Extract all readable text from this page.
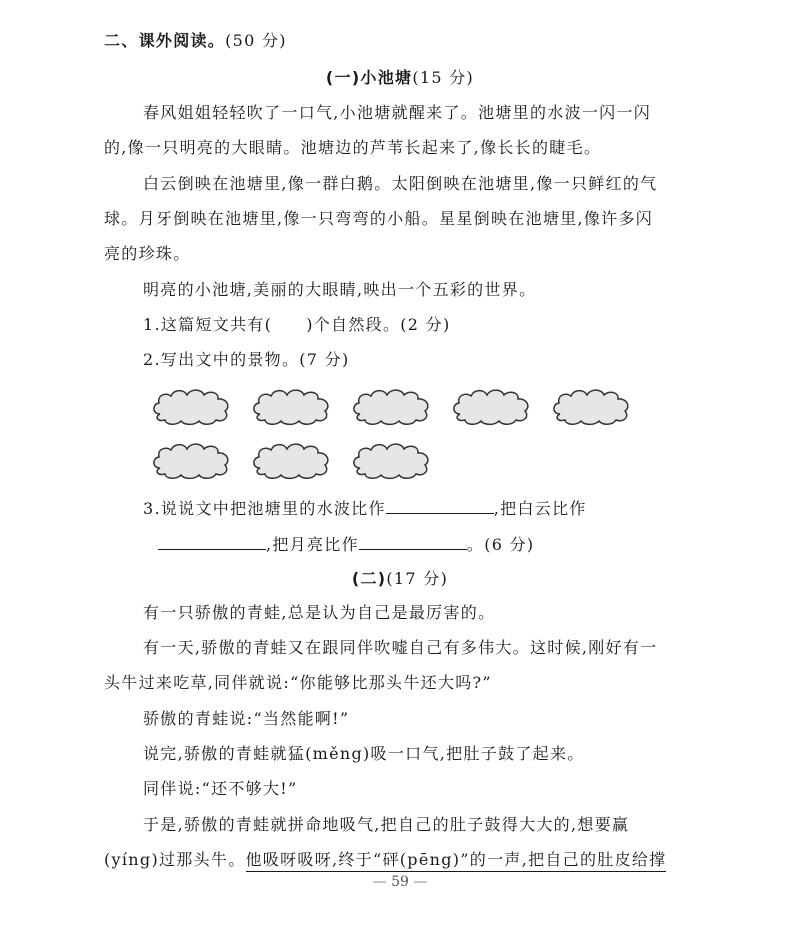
二、课外阅读。(50 分)
(一)小池塘(15 分)
春风姐姐轻轻吹了一口气,小池塘就醒来了。池塘里的水波一闪一闪
的,像一只明亮的大眼睛。池塘边的芦苇长起来了,像长长的睫毛。
白云倒映在池塘里,像一群白鹅。太阳倒映在池塘里,像一只鲜红的气
球。月牙倒映在池塘里,像一只弯弯的小船。星星倒映在池塘里,像许多闪
亮的珍珠。
明亮的小池塘,美丽的大眼睛,映出一个五彩的世界。
1.这篇短文共有( )个自然段。(2 分)
2.写出文中的景物。(7 分)
3.说说文中把池塘里的水波比作	,把白云比作
,把月亮比作	。(6 分)
(二)(17 分)
有一只骄傲的青蛙,总是认为自己是最厉害的。
有一天,骄傲的青蛙又在跟同伴吹嘘自己有多伟大。这时候,刚好有一
头牛过来吃草,同伴就说:“你能够比那头牛还大吗?”
骄傲的青蛙说:“当然能啊!”
说完,骄傲的青蛙就猛(měng)吸一口气,把肚子鼓了起来。
同伴说:“还不够大!”
于是,骄傲的青蛙就拼命地吸气,把自己的肚子鼓得大大的,想要赢
(yíng)过那头牛。他吸呀吸呀,终于“砰(pēng)”的一声,把自己的肚皮给撑
— 59 —
